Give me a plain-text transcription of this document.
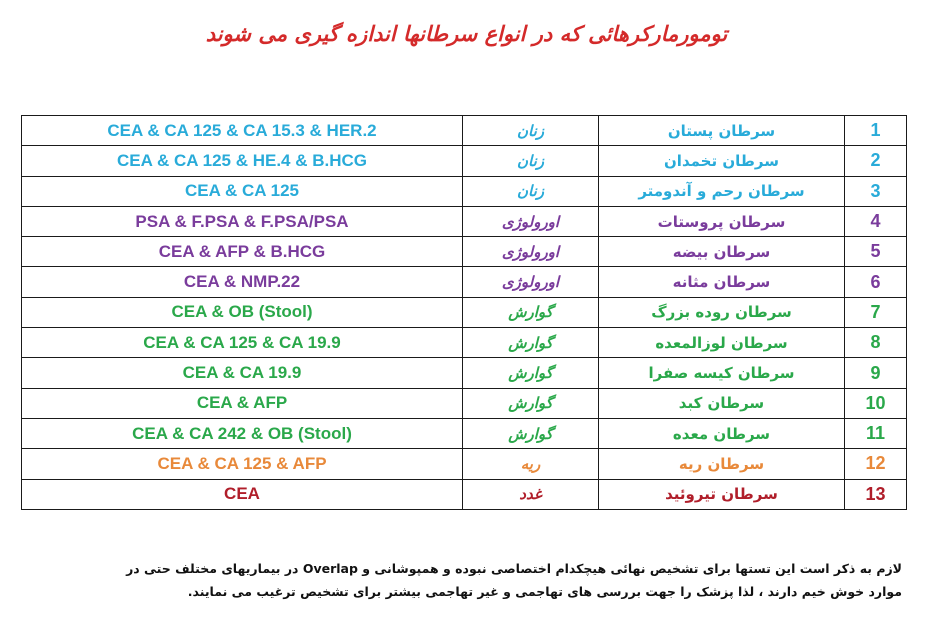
تومورمارکرهائی که در انواع سرطانها اندازه گیری می شوند
CEA & CA 125 & CA 15.3 & HER.2	زنان	سرطان پستان	1
CEA & CA 125 & HE.4 & B.HCG	زنان	سرطان تخمدان	2
CEA & CA 125	زنان	سرطان رحم و آندومتر	3
PSA & F.PSA & F.PSA/PSA	اورولوژی	سرطان پروستات	4
CEA & AFP & B.HCG	اورولوژی	سرطان بیضه	5
CEA & NMP.22	اورولوژی	سرطان مثانه	6
CEA & OB (Stool)	گوارش	سرطان روده بزرگ	7
CEA & CA 125 & CA 19.9	گوارش	سرطان لوزالمعده	8
CEA & CA 19.9	گوارش	سرطان کیسه صفرا	9
CEA & AFP	گوارش	سرطان کبد	10
CEA & CA 242 & OB (Stool)	گوارش	سرطان معده	11
CEA & CA 125 & AFP	ریه	سرطان ریه	12
CEA	غدد	سرطان تیروئید	13

لازم به ذکر است این تستها برای تشخیص نهائی هیچکدام اختصاصی نبوده و همپوشانی و Overlap در بیماریهای مختلف حتی در

موارد خوش خیم دارند ، لذا پزشک را جهت بررسی های تهاجمی و غیر تهاجمی بیشتر برای تشخیص ترغیب می نمایند.
